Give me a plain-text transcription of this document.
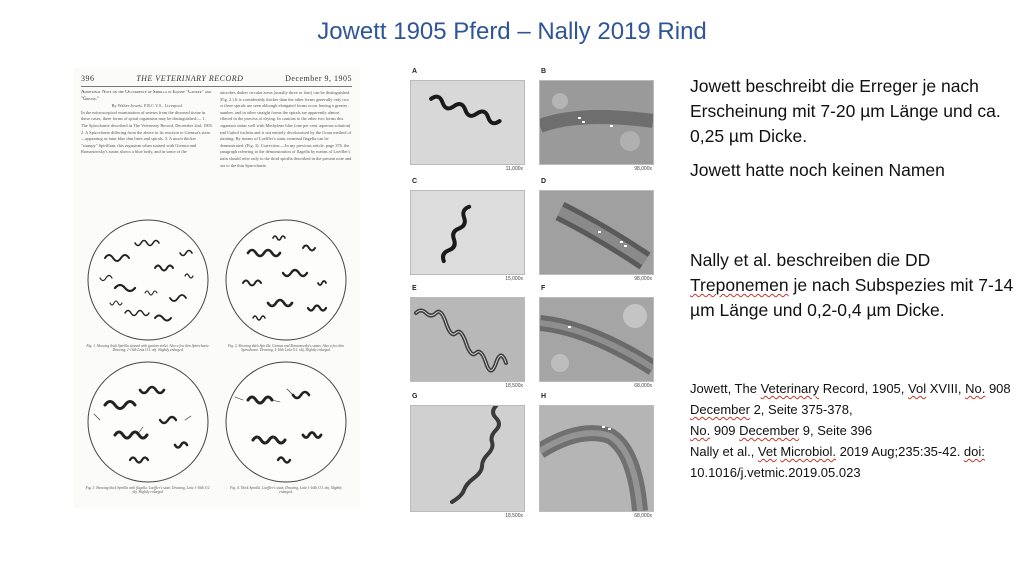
Jowett 1905 Pferd – Nally 2019 Rind
396	THE VETERINARY RECORD	December 9, 1905
Additional Note on the Occurrence of Spirilla in Equine "Canker" and "Grease."
By Walter Jowett, F.R.C.V.S., Liverpool.
In the microscopical examination of smears from the diseased tissue in these cases, three forms of spiral organisms may be distinguished:— 1. The Spirochaete described in The Veterinary Record, December 2nd, 1905. 2. A Spirochaete differing from the above in its reaction to Giemsa's stain—appearing as faint blue thin lines and spirals. 3. A much thicker "stumpy" Spirillum, this organism when stained with Giemsa and Romanowsky's stains shows a blue body, and in some of the
microbes darker circular areas (usually three or four) can be distinguished. (Fig. 2.) It is considerably thicker than the other forms generally only two or three spirals are seen although elongated forms occur having a greater number, and in other straight forms the spirals are apparently almost effaced in the process of drying. In contrast to the other two forms this organism stains well with Methylene blue (one per cent. aqueous solution) and Carbol fuchsin and is not entirely decolourised by the Gram method of staining. By means of Loeffler's stain, terminal flagella can be demonstrated. (Fig. 3). Correction.—In my previous article, page 376, the paragraph referring to the demonstration of flagella by means of Loeffler's stain should refer only to the third spirilla described in the present note and not to the thin Spirochaete.
Fig. 1. Showing thick Spirilla stained with gentian violet. Also a few thin Spirochaete. Drawing, 1-16th Leitz O.I. obj. Slightly enlarged.
Fig. 2. Showing thick Spirilla. Giemsa and Romanowsky's stains. Also a few thin Spirochaete. Drawing, 1-16th Leitz O.I. obj. Slightly enlarged.
Fig. 3. Showing thick Spirilla with flagella. Loeffler's stain. Drawing, Leitz 1-16th O.I. obj. Slightly enlarged.
Fig. 4. Thick Spirilla. Loeffler's stain. Drawing, Leitz 1-16th O.I. obj. Slightly enlarged.
A
11,000x
B
98,000x
C
15,000x
D
98,000x
E
18,500x
F
68,000x
G
18,500x
H
68,000x

Jowett beschreibt die Erreger je nach Erscheinung mit 7-20 µm Länge und ca. 0,25 µm Dicke.

Jowett hatte noch keinen Namen

Nally et al. beschreiben die DD Treponemen je nach Subspezies mit 7-14 µm Länge und 0,2-0,4 µm Dicke.

Jowett, The Veterinary Record, 1905, Vol XVIII, No. 908 December 2, Seite 375-378,
No. 909 December 9, Seite 396

Nally et al., Vet Microbiol. 2019 Aug;235:35-42. doi: 10.1016/j.vetmic.2019.05.023
